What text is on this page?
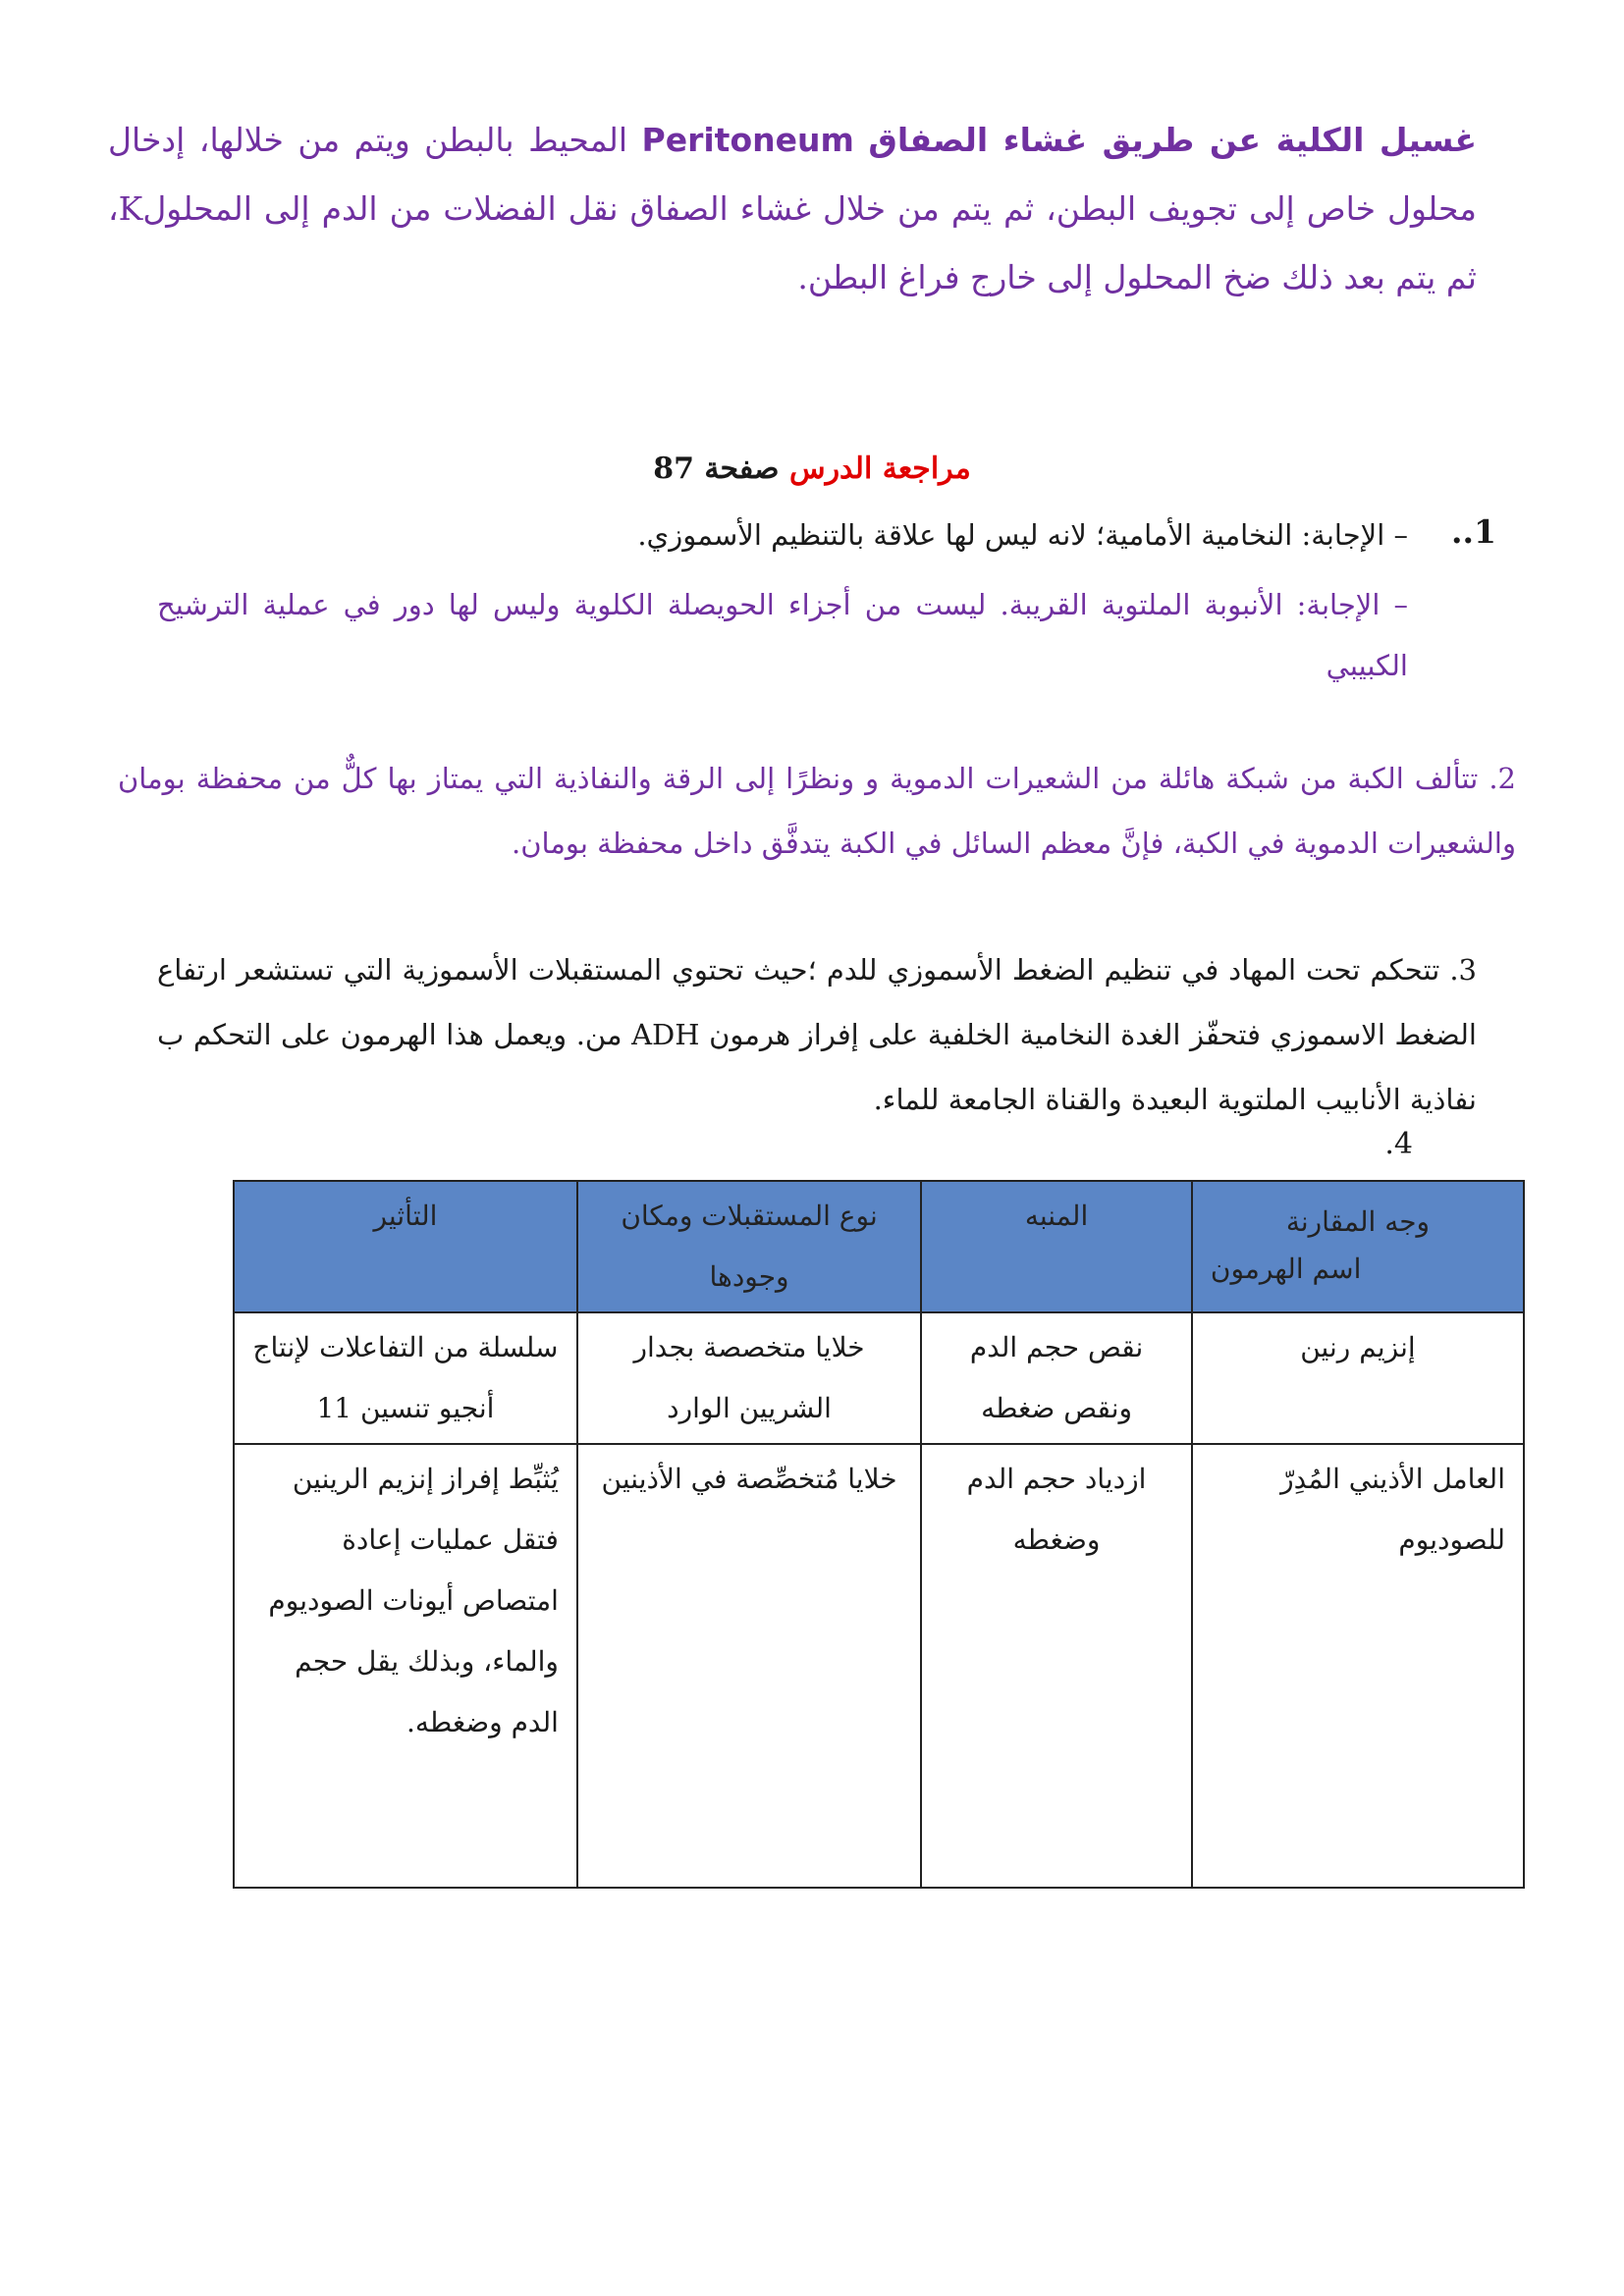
غسيل الكلية عن طريق غشاء الصفاق Peritoneum المحيط بالبطن ويتم من خلالها، إدخال محلول خاص إلى تجويف البطن، ثم يتم من خلال غشاء الصفاق نقل الفضلات من الدم إلى المحلولK، ثم يتم بعد ذلك ضخ المحلول إلى خارج فراغ البطن.
مراجعة الدرس صفحة 87
1..
– الإجابة: النخامية الأمامية؛ لانه ليس لها علاقة بالتنظيم الأسموزي.
– الإجابة: الأنبوبة الملتوية القريبة. ليست من أجزاء الحويصلة الكلوية وليس لها دور في عملية الترشيح الكبيبي
2. تتألف الكبة من شبكة هائلة من الشعيرات الدموية و ونظرًا إلى الرقة والنفاذية التي يمتاز بها كلٌّ من محفظة بومان والشعيرات الدموية في الكبة، فإنَّ معظم السائل في الكبة يتدفَّق داخل محفظة بومان.
3. تتحكم تحت المهاد في تنظيم الضغط الأسموزي للدم ؛حيث تحتوي المستقبلات الأسموزية التي تستشعر ارتفاع الضغط الاسموزي فتحفّز الغدة النخامية الخلفية على إفراز هرمون ADH من. ويعمل هذا الهرمون على التحكم ب نفاذية الأنابيب الملتوية البعيدة والقناة الجامعة للماء.
4.
وجه المقارنة
اسم الهرمون	المنبه	نوع المستقبلات ومكان وجودها	التأثير
إنزيم رنين	نقص حجم الدم ونقص ضغطه	خلايا متخصصة بجدار الشريين الوارد	سلسلة من التفاعلات لإنتاج أنجيو تنسين 11
العامل الأذيني المُدِرّ للصوديوم	ازدياد حجم الدم وضغطه	خلايا مُتخصِّصة في الأذينين	يُثبِّط إفراز إنزيم الرينين فتقل عمليات إعادة امتصاص أيونات الصوديوم والماء، وبذلك يقل حجم الدم وضغطه.
